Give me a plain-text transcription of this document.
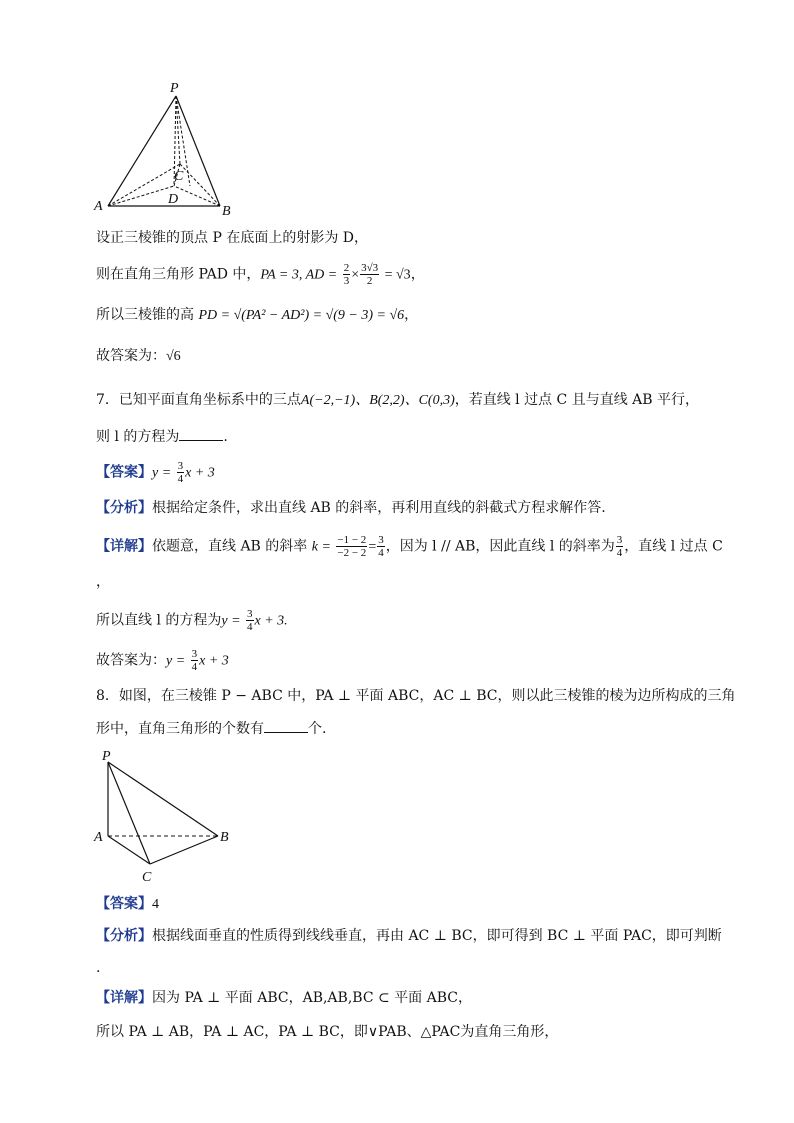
P
A	B
C
D
设正三棱锥的顶点 P 在底面上的射影为 D，
则在直角三角形 PAD 中，PA = 3, AD = $\frac{2}{3} \times \frac{3√3}{2} = √3$，
所以三棱锥的高 PD = √(PA² − AD²) = √(9 − 3) = √6，
故答案为：√6
7．已知平面直角坐标系中的三点A(−2,−1)、B(2,2)、C(0,3)，若直线 l 过点 C 且与直线 AB 平行，
则 l 的方程为	.
【答案】$y = \frac{3}{4}$ x + 3
【分析】根据给定条件，求出直线 AB 的斜率，再利用直线的斜截式方程求解作答.
【详解】依题意，直线 AB 的斜率 $k = \frac{-1 - 2}{-2 - 2} = \frac{3}{4}$ ，因为 l // AB，因此直线 l 的斜率为 $\frac{3}{4}$ ，直线 l 过点 C
，
所以直线 l 的方程为$y = \frac{3}{4}$ x + 3.
故答案为：$y = \frac{3}{4}$ x + 3
8．如图，在三棱锥 P − ABC 中，PA ⊥ 平面 ABC，AC ⊥ BC，则以此三棱锥的棱为边所构成的三角
形中，直角三角形的个数有	个.
P
A	B
C
【答案】4
【分析】根据线面垂直的性质得到线线垂直，再由 AC ⊥ BC，即可得到 BC ⊥ 平面 PAC，即可判断
.
【详解】因为 PA ⊥ 平面 ABC，AB,AB,BC ⊂ 平面 ABC，
所以 PA ⊥ AB，PA ⊥ AC，PA ⊥ BC，即∨PAB、△PAC为直角三角形，
